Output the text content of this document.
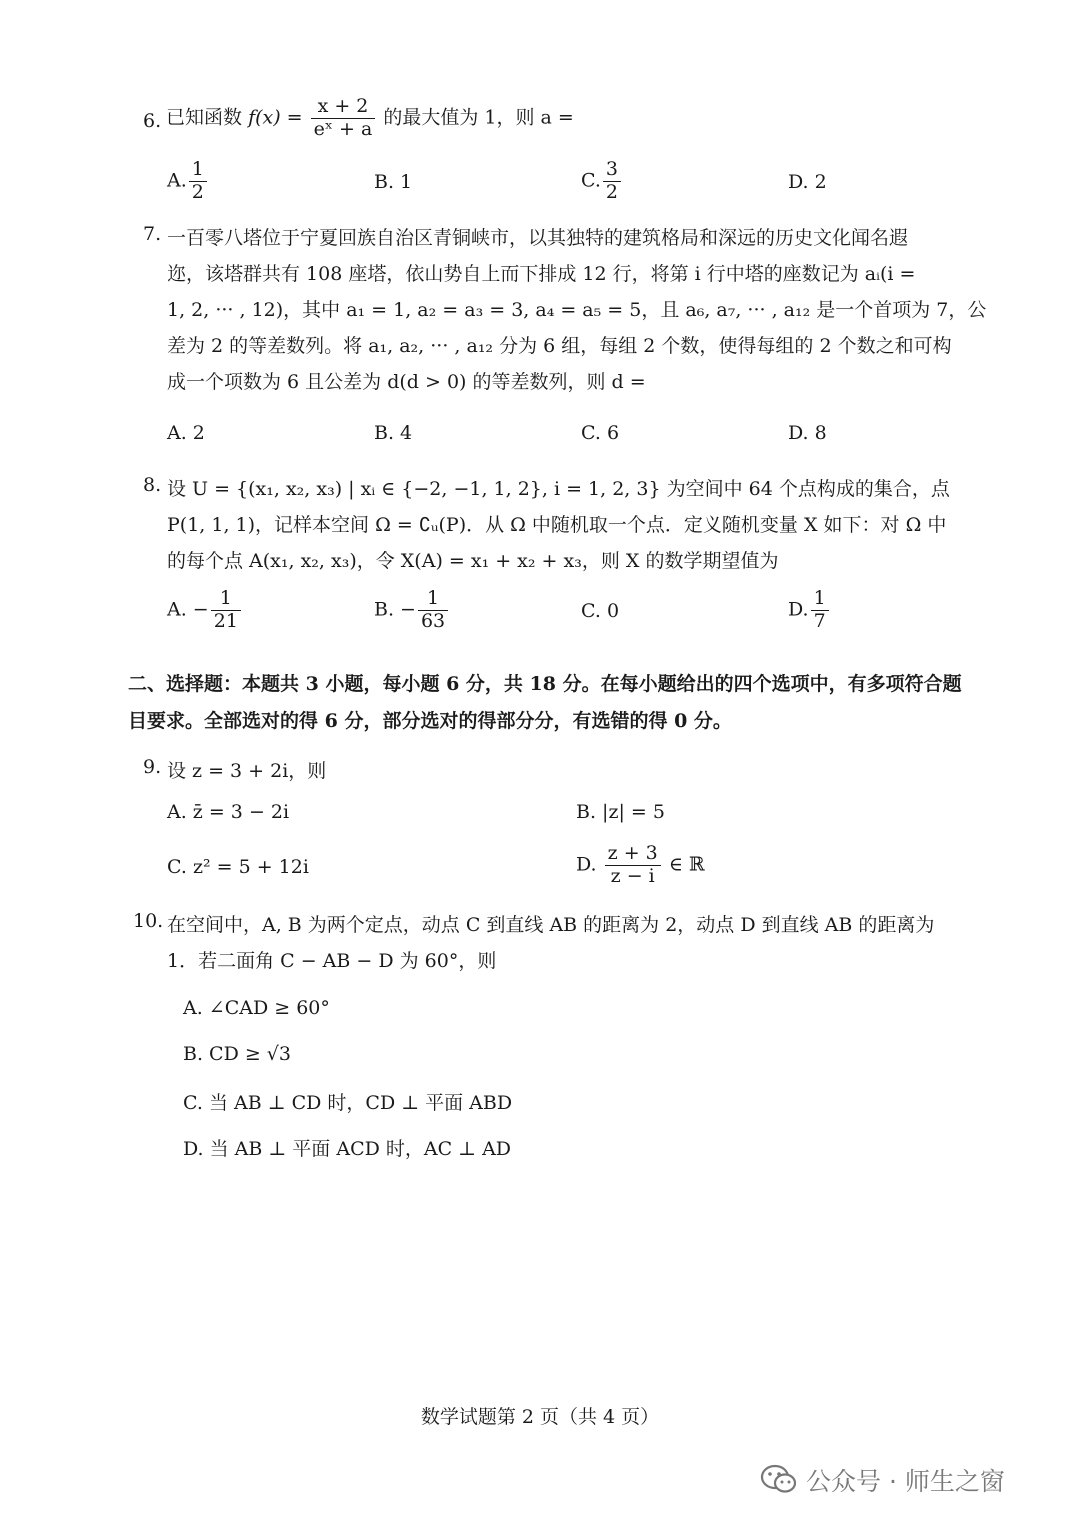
6. 已知函数 $f(x) = \frac{x + 2}{\text{eˣ + a}}$ 的最大值为 1，则 a =
A. $\frac{1}{2}$	B. 1	C. $\frac{3}{2}$	D. 2
7. 一百零八塔位于宁夏回族自治区青铜峡市，以其独特的建筑格局和深远的历史文化闻名遐
迩，该塔群共有 108 座塔，依山势自上而下排成 12 行，将第 i 行中塔的座数记为 aᵢ(i =
1, 2, ··· , 12)，其中 a₁ = 1, a₂ = a₃ = 3, a₄ = a₅ = 5，且 a₆, a₇, ··· , a₁₂ 是一个首项为 7，公
差为 2 的等差数列。将 a₁, a₂, ··· , a₁₂ 分为 6 组，每组 2 个数，使得每组的 2 个数之和可构
成一个项数为 6 且公差为 d(d > 0) 的等差数列，则 d =
A. 2	B. 4	C. 6	D. 8
8. 设 U = {(x₁, x₂, x₃) | xᵢ ∈ {−2, −1, 1, 2}, i = 1, 2, 3} 为空间中 64 个点构成的集合，点
P(1, 1, 1)，记样本空间 Ω = ∁ᵤ(P)．从 Ω 中随机取一个点．定义随机变量 X 如下：对 Ω 中
的每个点 A(x₁, x₂, x₃)，令 X(A) = x₁ + x₂ + x₃，则 X 的数学期望值为
A. − $\frac{1}{21}$	B. − $\frac{1}{63}$	C. 0	D. $\frac{1}{7}$
二、选择题：本题共 3 小题，每小题 6 分，共 18 分。在每小题给出的四个选项中，有多项符合题
目要求。全部选对的得 6 分，部分选对的得部分分，有选错的得 0 分。
9. 设 z = 3 + 2i，则
A. z̄ = 3 − 2i	B. |z| = 5
C. z² = 5 + 12i	D. $\frac{z + 3}{z - i}$ ∈ ℝ
10. 在空间中，A, B 为两个定点，动点 C 到直线 AB 的距离为 2，动点 D 到直线 AB 的距离为
1．若二面角 C − AB − D 为 60°，则
A. ∠CAD ≥ 60°
B. CD ≥ √3
C. 当 AB ⊥ CD 时，CD ⊥ 平面 ABD
D. 当 AB ⊥ 平面 ACD 时，AC ⊥ AD
数学试题第 2 页（共 4 页）
公众号 · 师生之窗
